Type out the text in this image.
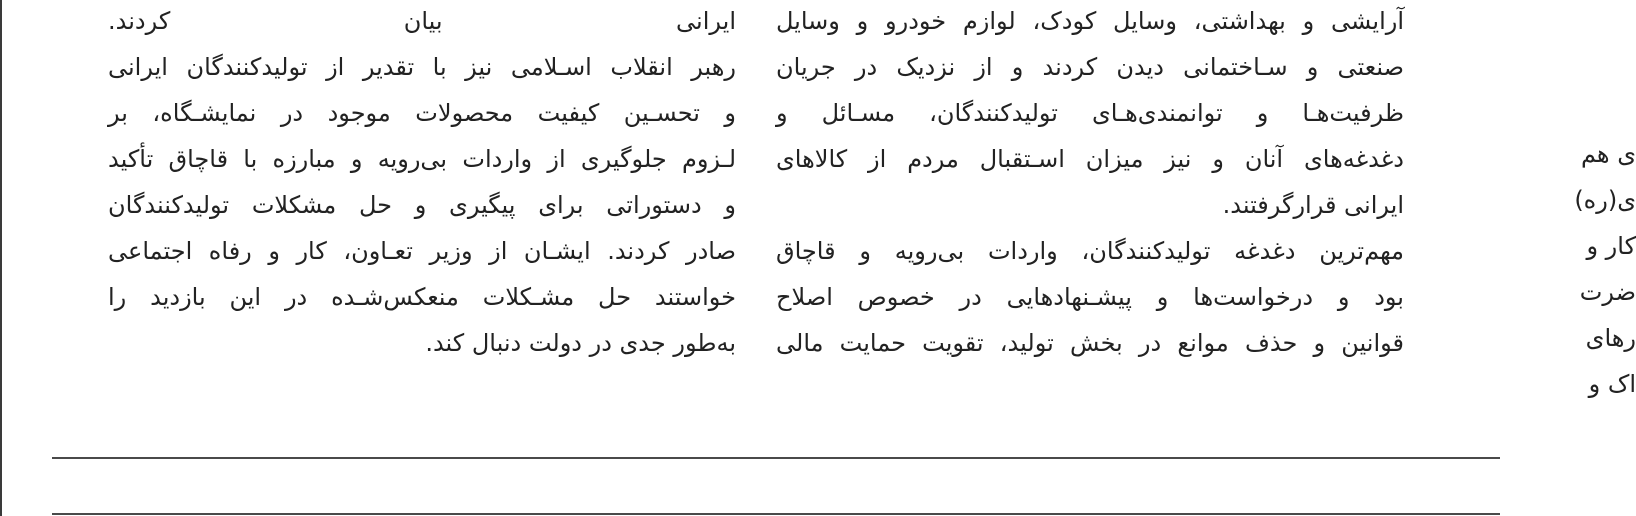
ایرانی بیان کردند.
رهبر انقلاب اسـلامی نیز با تقدیر از تولیدکنندگان ایرانی
و تحسـین کیفیت محصولات موجود در نمایشـگاه، بر
لـزوم جلوگیری از واردات بی‌رویه و مبارزه با قاچاق تأکید
و دستوراتی برای پیگیری و حل مشکلات تولیدکنندگان
صادر کردند. ایشـان از وزیر تعـاون، کار و رفاه اجتماعی
خواستند حل مشـکلات منعکس‌شـده در این بازدید را
به‌طور جدی در دولت دنبال کند.
آرایشی و بهداشتی، وسایل کودک، لوازم خودرو و وسایل
صنعتی و سـاختمانی دیدن کردند و از نزدیک در جریان
ظرفیت‌هـا و توانمندی‌هـای تولیدکنندگان، مسـائل و
دغدغه‌های آنان و نیز میزان اسـتقبال مردم از کالاهای
ایرانی قرارگرفتند.
مهم‌ترین دغدغه تولیدکنندگان، واردات بی‌رویه و قاچاق
بود و درخواست‌ها و پیشـنهادهایی در خصوص اصلاح
قوانین و حذف موانع در بخش تولید، تقویت حمایت مالی
ی هم
ی(ره)
کار و
ضرت
رهای
اک و
